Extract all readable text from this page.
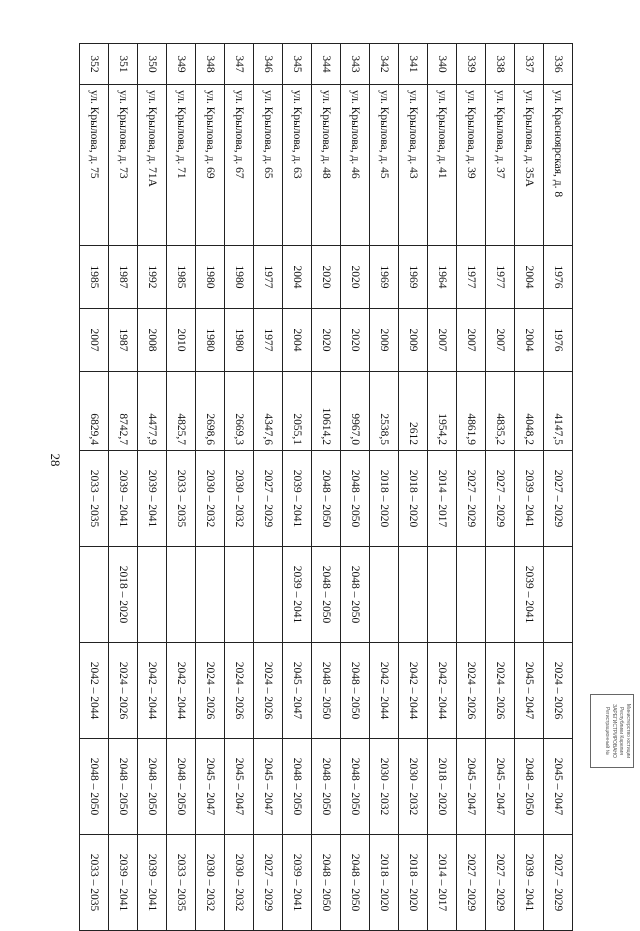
28
336	ул. Красноярская, д. 8	1976	1976	4147,5	2027 – 2029		2024 – 2026	2045 – 2047	2027 – 2029
337	ул. Крылова, д. 35А	2004	2004	4048,2	2039 – 2041	2039 – 2041	2045 – 2047	2048 – 2050	2039 – 2041
338	ул. Крылова, д. 37	1977	2007	4835,2	2027 – 2029		2024 – 2026	2045 – 2047	2027 – 2029
339	ул. Крылова, д. 39	1977	2007	4861,9	2027 – 2029		2024 – 2026	2045 – 2047	2027 – 2029
340	ул. Крылова, д. 41	1964	2007	1954,2	2014 – 2017		2042 – 2044	2018 – 2020	2014 – 2017
341	ул. Крылова, д. 43	1969	2009	2612	2018 – 2020		2042 – 2044	2030 – 2032	2018 – 2020
342	ул. Крылова, д. 45	1969	2009	2538,5	2018 – 2020		2042 – 2044	2030 – 2032	2018 – 2020
343	ул. Крылова, д. 46	2020	2020	9967,0	2048 – 2050	2048 – 2050	2048 – 2050	2048 – 2050	2048 – 2050
344	ул. Крылова, д. 48	2020	2020	10614,2	2048 – 2050	2048 – 2050	2048 – 2050	2048 – 2050	2048 – 2050
345	ул. Крылова, д. 63	2004	2004	2055,1	2039 – 2041	2039 – 2041	2045 – 2047	2048 – 2050	2039 – 2041
346	ул. Крылова, д. 65	1977	1977	4347,6	2027 – 2029		2024 – 2026	2045 – 2047	2027 – 2029
347	ул. Крылова, д. 67	1980	1980	2669,3	2030 – 2032		2024 – 2026	2045 – 2047	2030 – 2032
348	ул. Крылова, д. 69	1980	1980	2698,6	2030 – 2032		2024 – 2026	2045 – 2047	2030 – 2032
349	ул. Крылова, д. 71	1985	2010	4825,7	2033 – 2035		2042 – 2044	2048 – 2050	2033 – 2035
350	ул. Крылова, д. 71А	1992	2008	4477,9	2039 – 2041		2042 – 2044	2048 – 2050	2039 – 2041
351	ул. Крылова, д. 73	1987	1987	8742,7	2039 – 2041	2018 – 2020	2024 – 2026	2048 – 2050	2039 – 2041
352	ул. Крылова, д. 75	1985	2007	6829,4	2033 – 2035		2042 – 2044	2048 – 2050	2033 – 2035
Министерство юстиции
Республики Карелия
ЗАРЕГИСТРИРОВАНО
Регистрационный №
